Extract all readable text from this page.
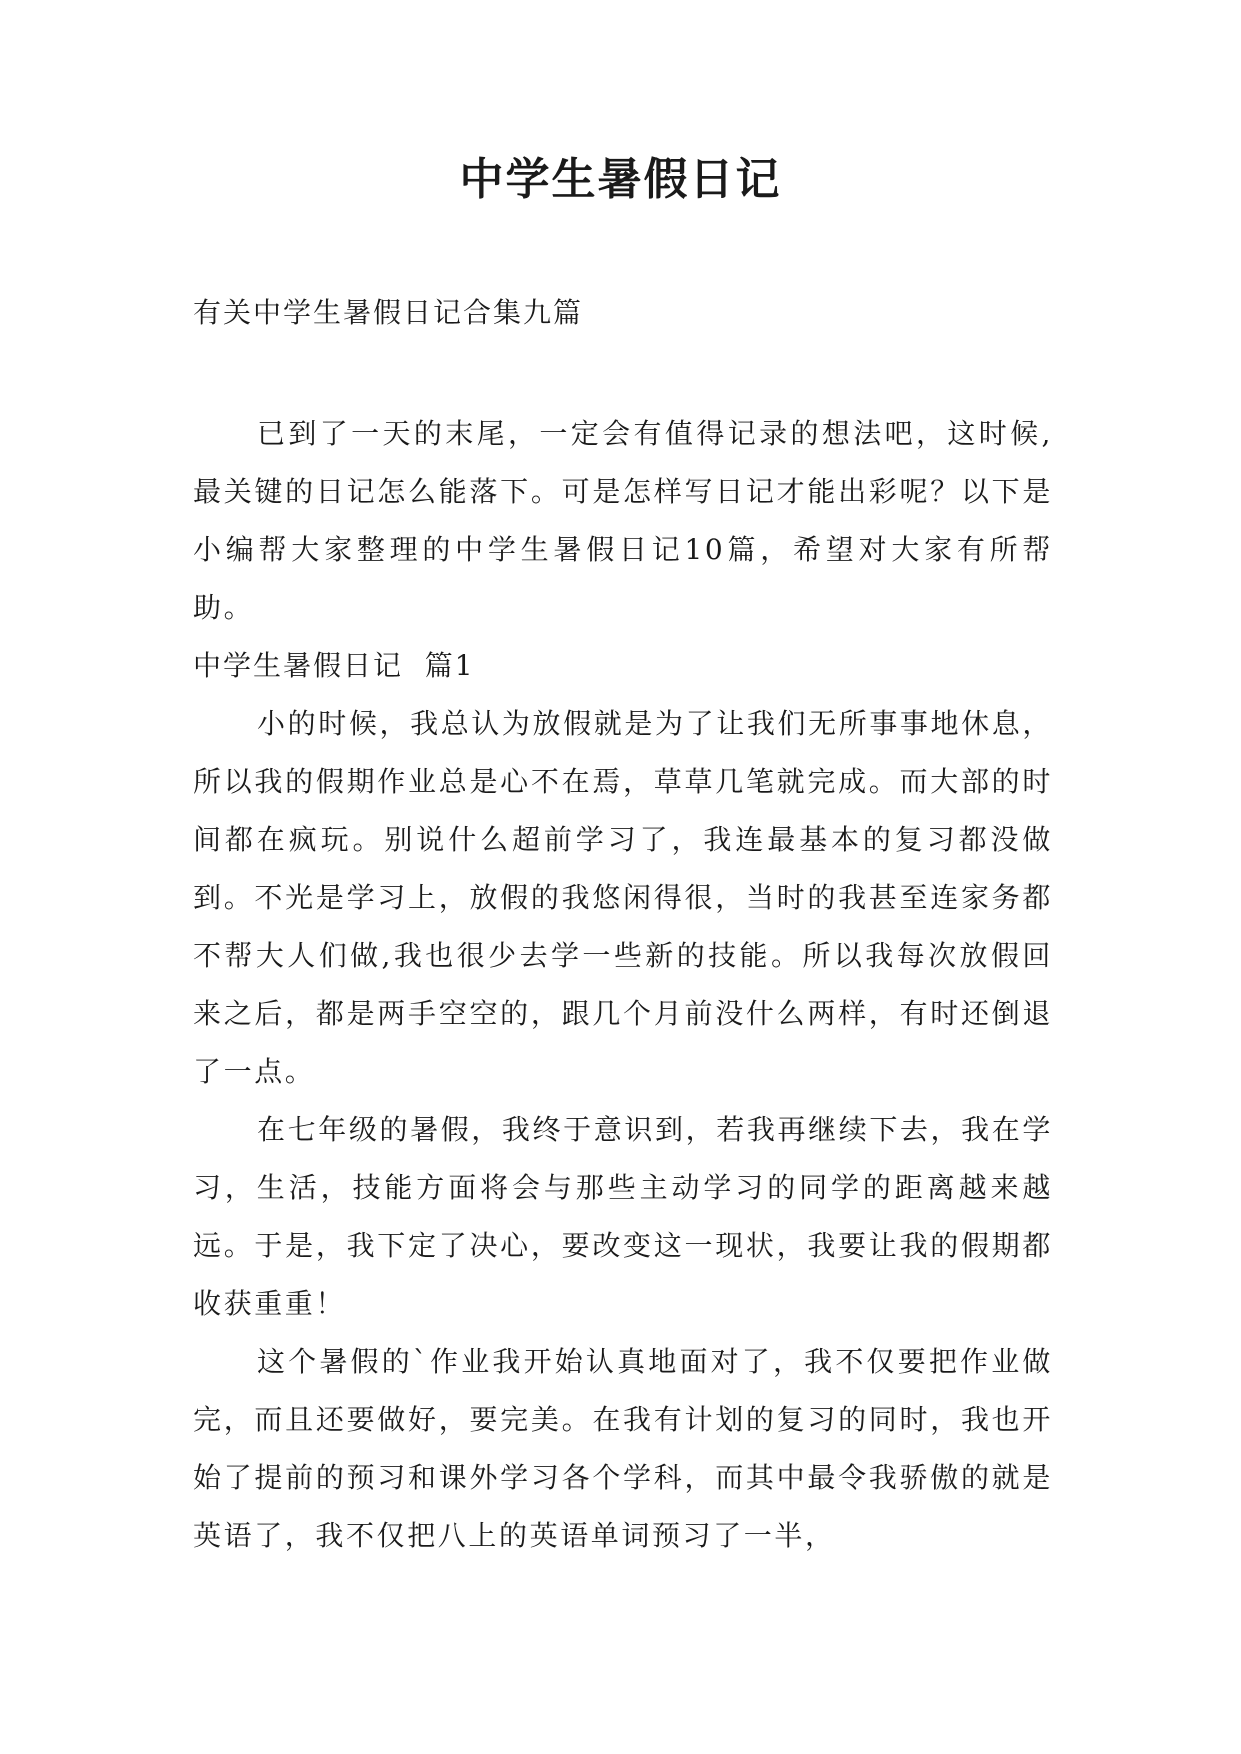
中学生暑假日记

有关中学生暑假日记合集九篇

已到了一天的末尾，一定会有值得记录的想法吧，这时候,最关键的日记怎么能落下。可是怎样写日记才能出彩呢？以下是小编帮大家整理的中学生暑假日记10篇，希望对大家有所帮助。

中学生暑假日记  篇1

小的时候，我总认为放假就是为了让我们无所事事地休息，所以我的假期作业总是心不在焉，草草几笔就完成。而大部的时间都在疯玩。别说什么超前学习了，我连最基本的复习都没做到。不光是学习上，放假的我悠闲得很，当时的我甚至连家务都不帮大人们做,我也很少去学一些新的技能。所以我每次放假回来之后，都是两手空空的，跟几个月前没什么两样，有时还倒退了一点。

在七年级的暑假，我终于意识到，若我再继续下去，我在学习，生活，技能方面将会与那些主动学习的同学的距离越来越远。于是，我下定了决心，要改变这一现状，我要让我的假期都收获重重！

这个暑假的`作业我开始认真地面对了，我不仅要把作业做完，而且还要做好，要完美。在我有计划的复习的同时，我也开始了提前的预习和课外学习各个学科，而其中最令我骄傲的就是英语了，我不仅把八上的英语单词预习了一半，
